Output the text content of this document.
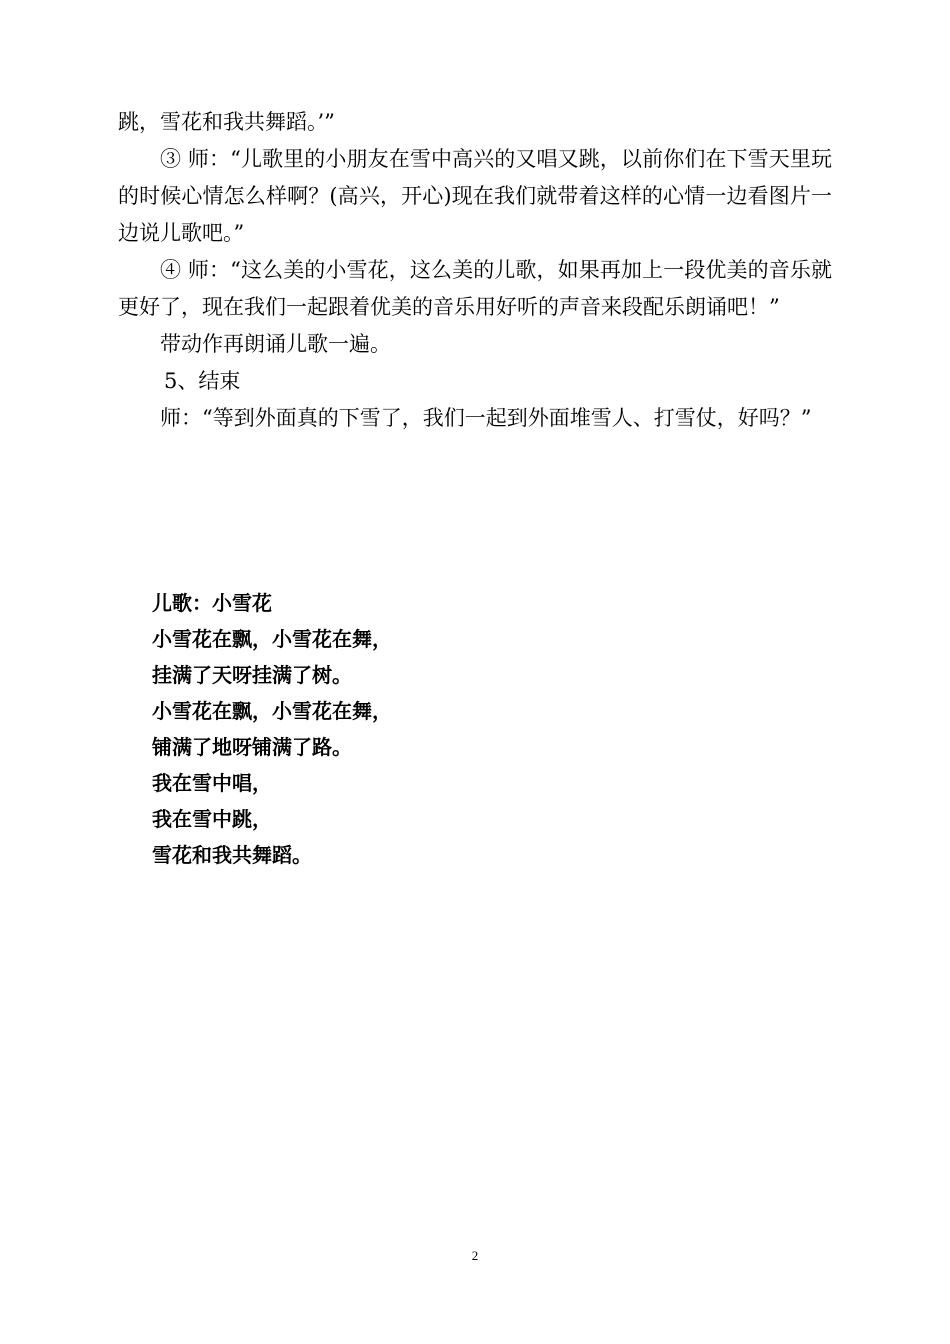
跳，雪花和我共舞蹈。’”

③ 师：“儿歌里的小朋友在雪中高兴的又唱又跳，以前你们在下雪天里玩的时候心情怎么样啊？(高兴，开心)现在我们就带着这样的心情一边看图片一边说儿歌吧。”

④ 师：“这么美的小雪花，这么美的儿歌，如果再加上一段优美的音乐就更好了，现在我们一起跟着优美的音乐用好听的声音来段配乐朗诵吧！”

带动作再朗诵儿歌一遍。

5、结束

师：“等到外面真的下雪了，我们一起到外面堆雪人、打雪仗，好吗？”

儿歌：小雪花

小雪花在飘，小雪花在舞，

挂满了天呀挂满了树。

小雪花在飘，小雪花在舞，

铺满了地呀铺满了路。

我在雪中唱，

我在雪中跳，

雪花和我共舞蹈。

2
